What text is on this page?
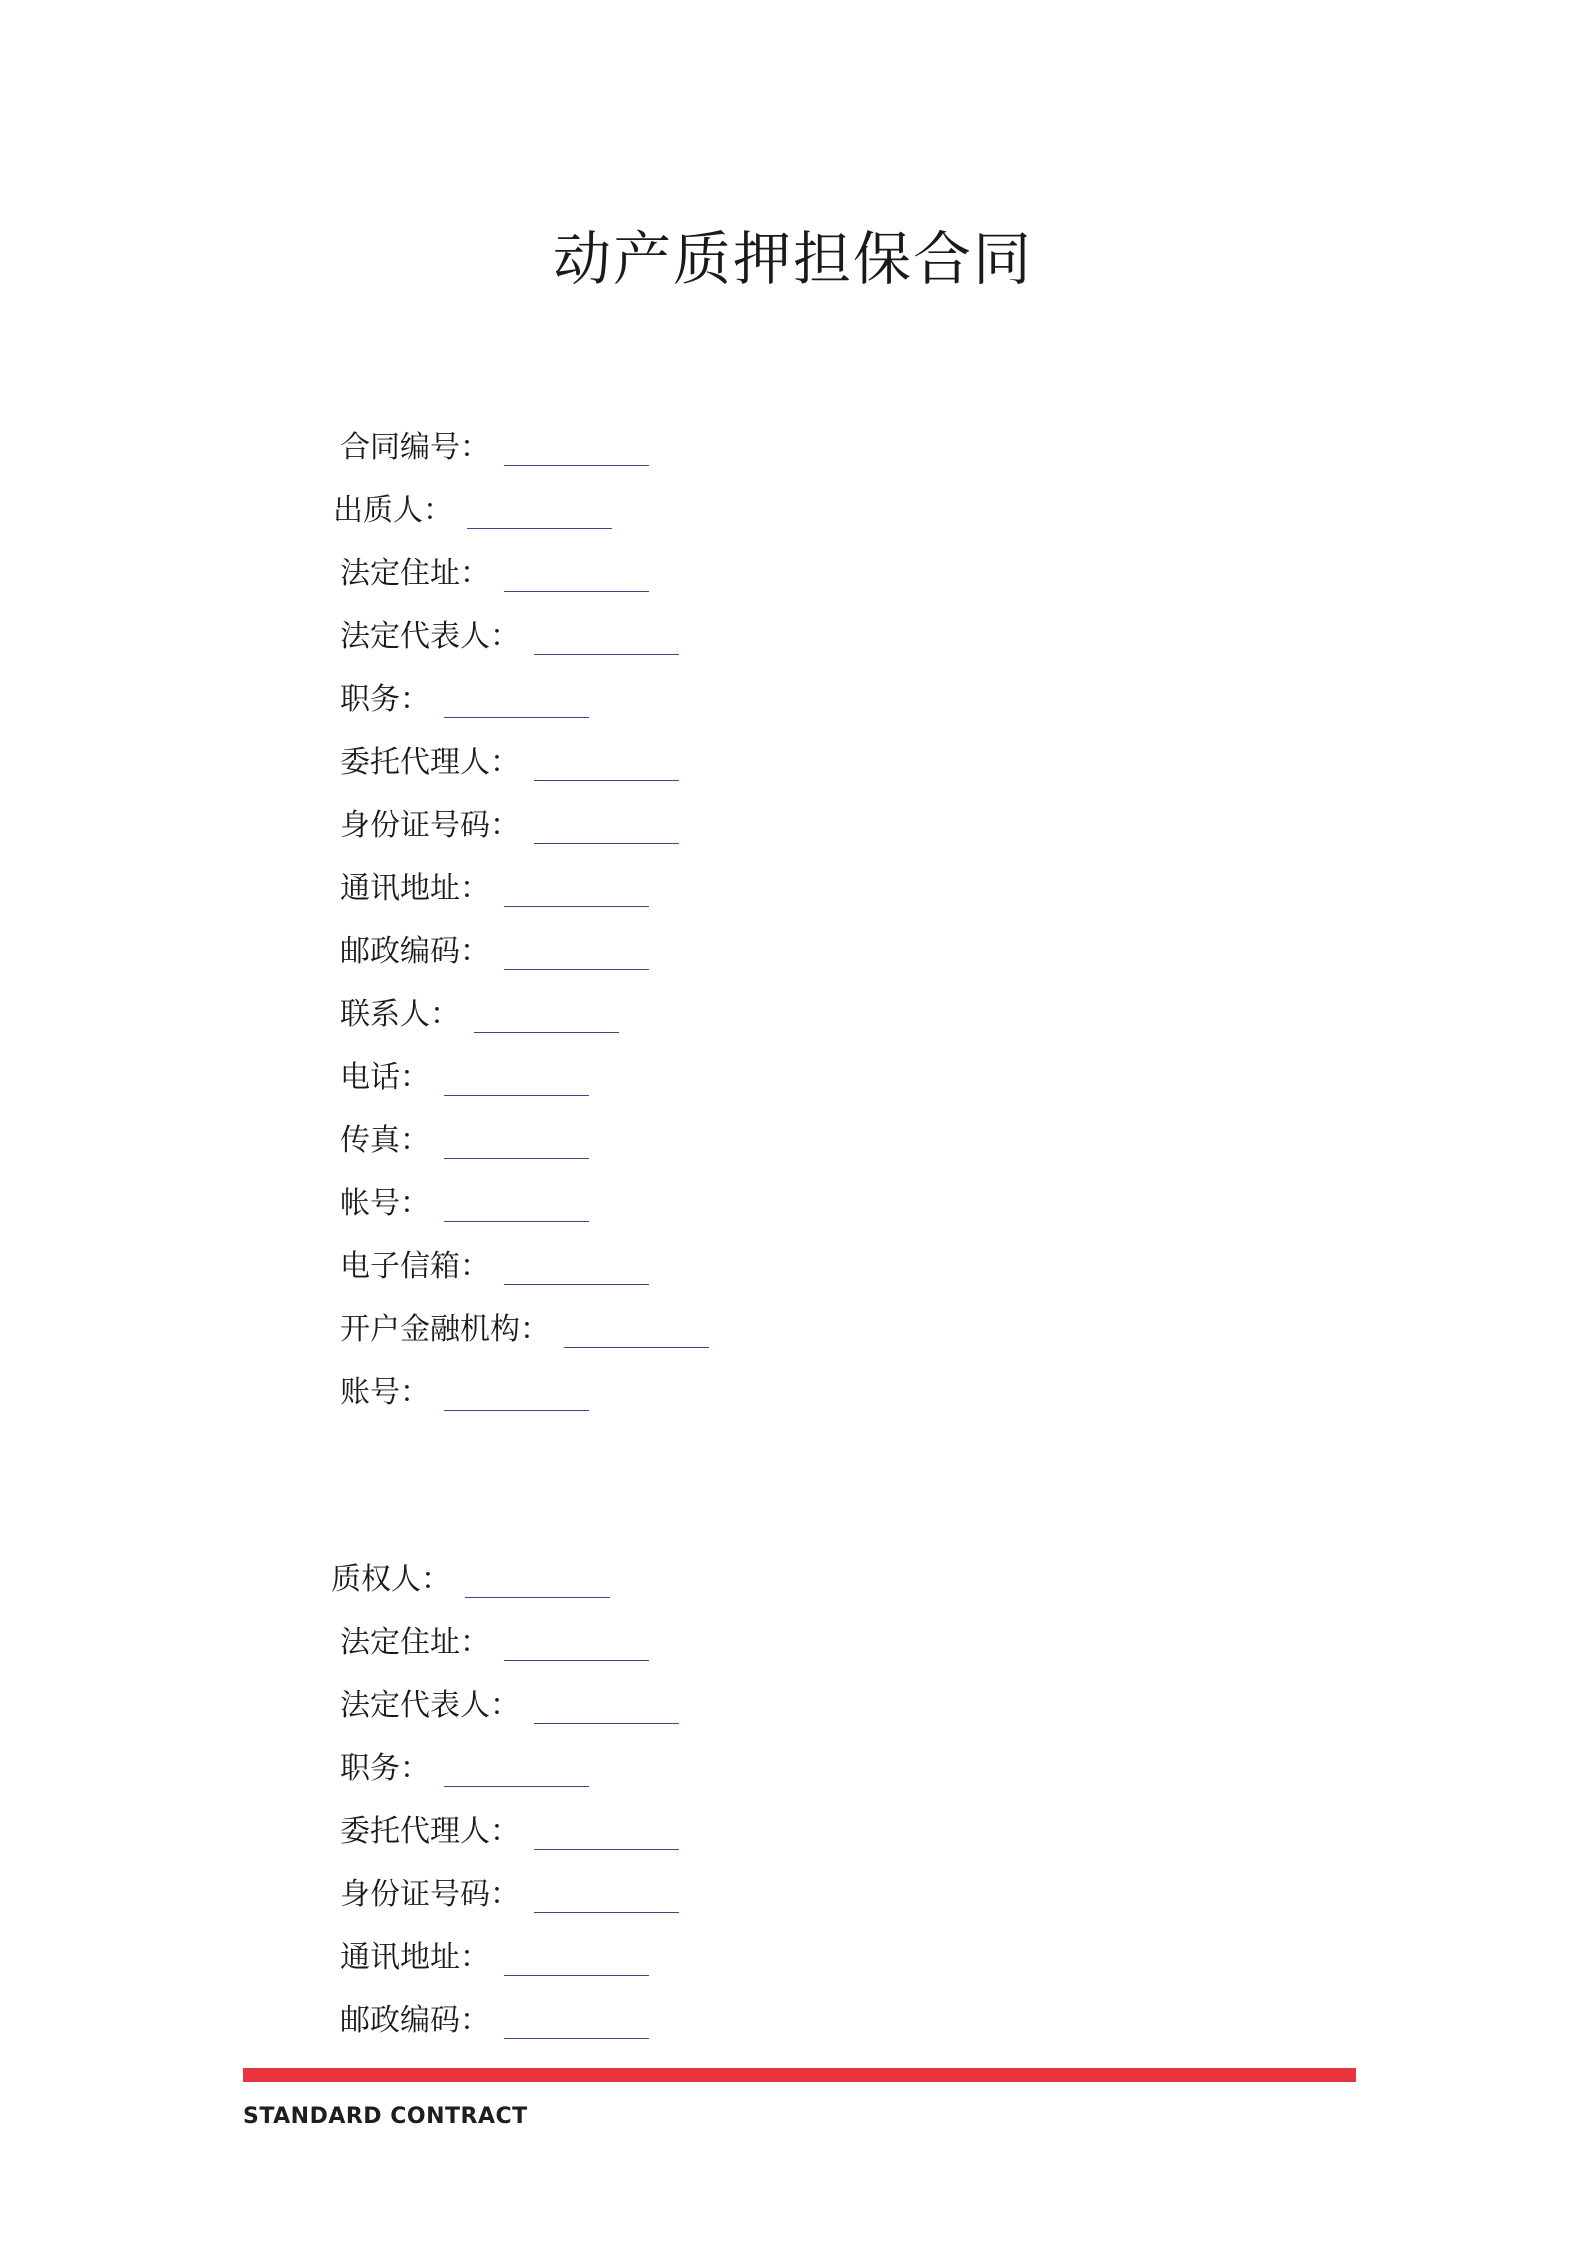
动产质押担保合同
合同编号：
出质人：
法定住址：
法定代表人：
职务：
委托代理人：
身份证号码：
通讯地址：
邮政编码：
联系人：
电话：
传真：
帐号：
电子信箱：
开户金融机构：
账号：
质权人：
法定住址：
法定代表人：
职务：
委托代理人：
身份证号码：
通讯地址：
邮政编码：
STANDARD CONTRACT
